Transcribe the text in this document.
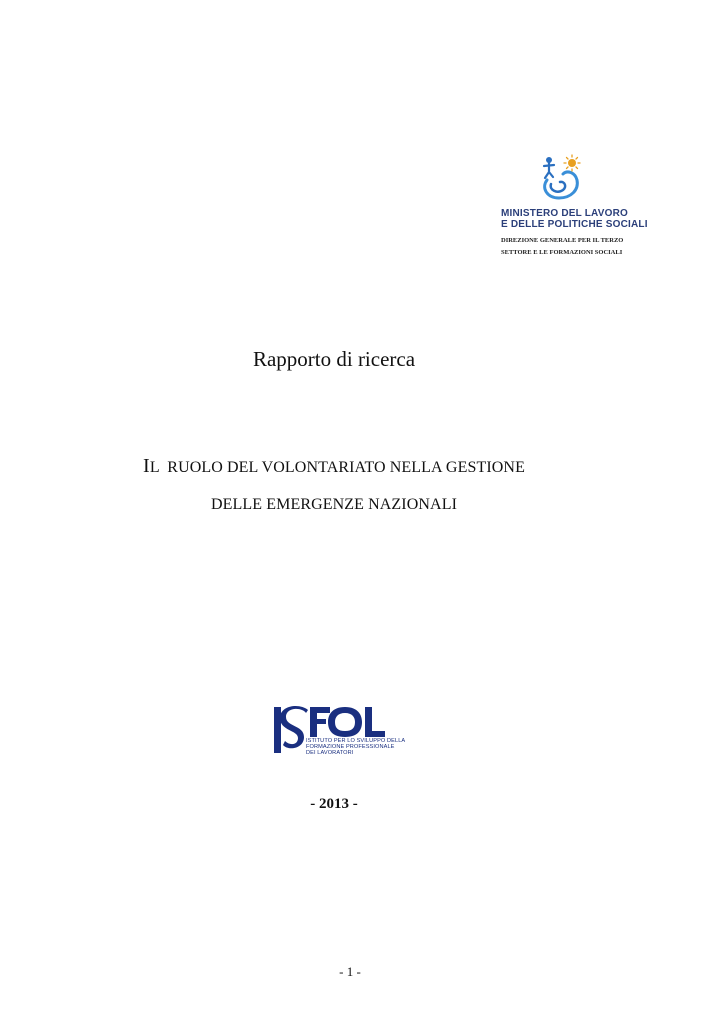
MINISTERO DEL LAVORO
E DELLE POLITICHE SOCIALI
DIREZIONE GENERALE PER IL TERZO
SETTORE E LE FORMAZIONI SOCIALI
Rapporto di ricerca
IL  RUOLO DEL VOLONTARIATO NELLA GESTIONE
DELLE EMERGENZE NAZIONALI
ISTITUTO PER LO SVILUPPO DELLA
FORMAZIONE PROFESSIONALE
DEI LAVORATORI
- 2013 -
- 1 -
